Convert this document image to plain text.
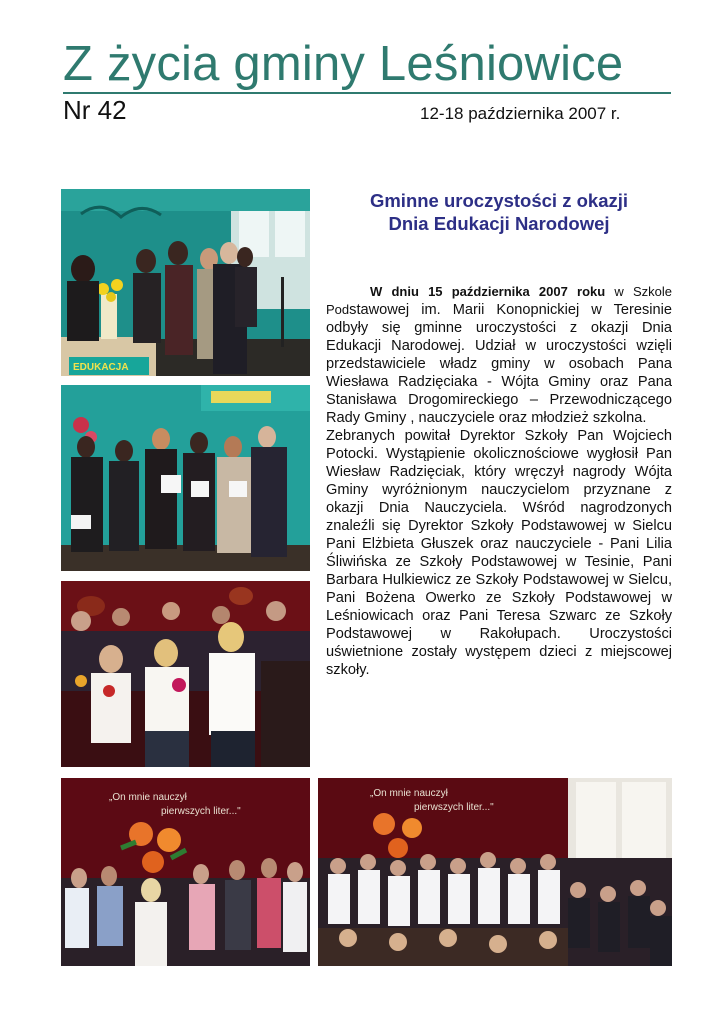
Z życia gminy Leśniowice
Nr 42	12-18 października 2007 r.
EDUKACJA
„On mnie nauczył
pierwszych liter..."
„On mnie nauczył
pierwszych liter..."
Gminne uroczystości z okazji
Dnia Edukacji Narodowej

W dniu 15 października 2007 roku w Szkole Podstawowej im. Marii Konopnickiej w Teresinie odbyły się gminne uroczystości z okazji Dnia Edukacji Narodowej. Udział w uroczystości wzięli przedstawiciele władz gminy w osobach Pana Wiesława Radzięciaka - Wójta Gminy oraz Pana Stanisława Drogomireckiego – Przewodniczącego Rady Gminy , nauczyciele oraz młodzież szkolna.

Zebranych powitał Dyrektor Szkoły Pan Wojciech Potocki. Wystąpienie okolicznościowe wygłosił Pan Wiesław Radzięciak, który wręczył nagrody Wójta Gminy wyróżnionym nauczycielom przyznane z okazji Dnia Nauczyciela. Wśród nagrodzonych znaleźli się Dyrektor Szkoły Podstawowej w Sielcu Pani Elżbieta Głuszek oraz nauczyciele - Pani Lilia Śliwińska ze Szkoły Podstawowej w Tesinie, Pani Barbara Hulkiewicz ze Szkoły Podstawowej w Sielcu, Pani Bożena Owerko ze Szkoły Podstawowej w Leśniowicach oraz Pani Teresa Szwarc ze Szkoły Podstawowej w Rakołupach. Uroczystości uświetnione zostały występem dzieci z miejscowej szkoły.
